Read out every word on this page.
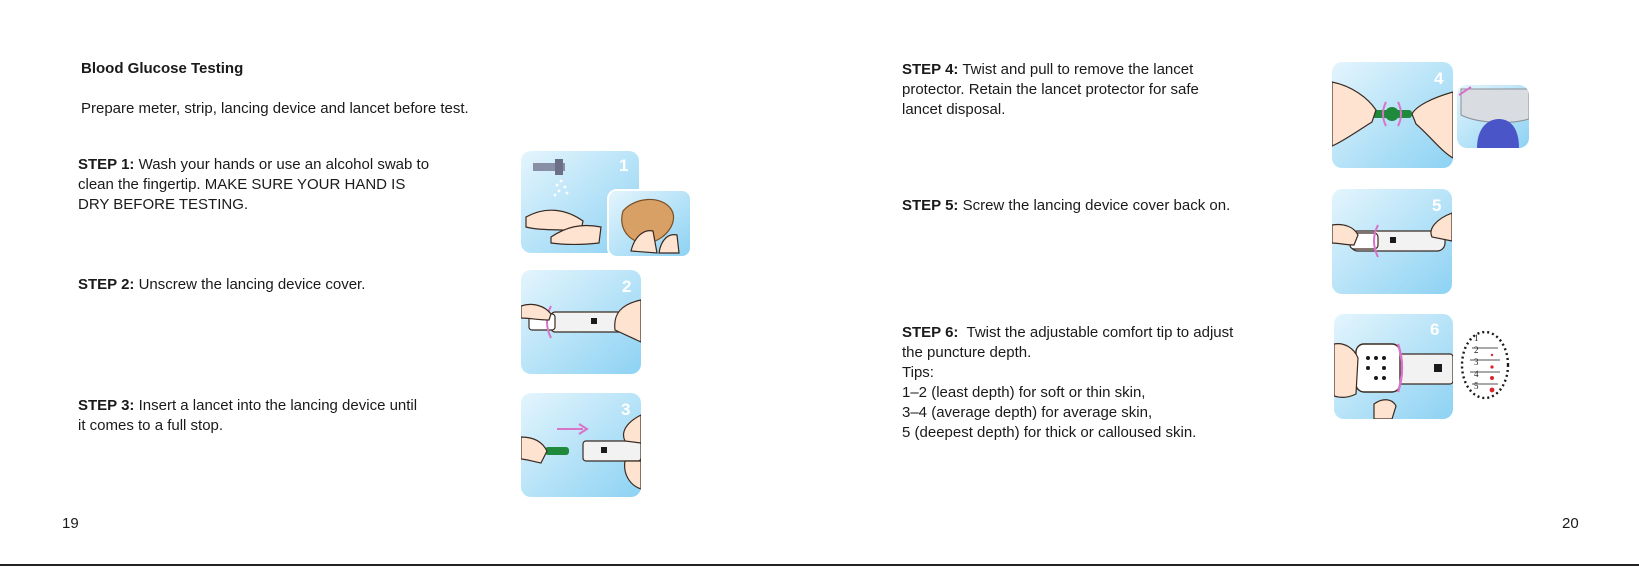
Blood Glucose Testing
Prepare meter, strip, lancing device and lancet before test.
STEP 1: Wash your hands or use an alcohol swab to
clean the fingertip. MAKE SURE YOUR HAND IS
DRY BEFORE TESTING.
STEP 2: Unscrew the lancing device cover.
STEP 3: Insert a lancet into the lancing device until
it comes to a full stop.
1
2
3
19
STEP 4: Twist and pull to remove the lancet
protector. Retain the lancet protector for safe
lancet disposal.
STEP 5: Screw the lancing device cover back on.
STEP 6: Twist the adjustable comfort tip to adjust
the puncture depth.
Tips:
1–2 (least depth) for soft or thin skin,
3–4 (average depth) for average skin,
5 (deepest depth) for thick or calloused skin.
4
5
6	1
2
3
4
5
20
